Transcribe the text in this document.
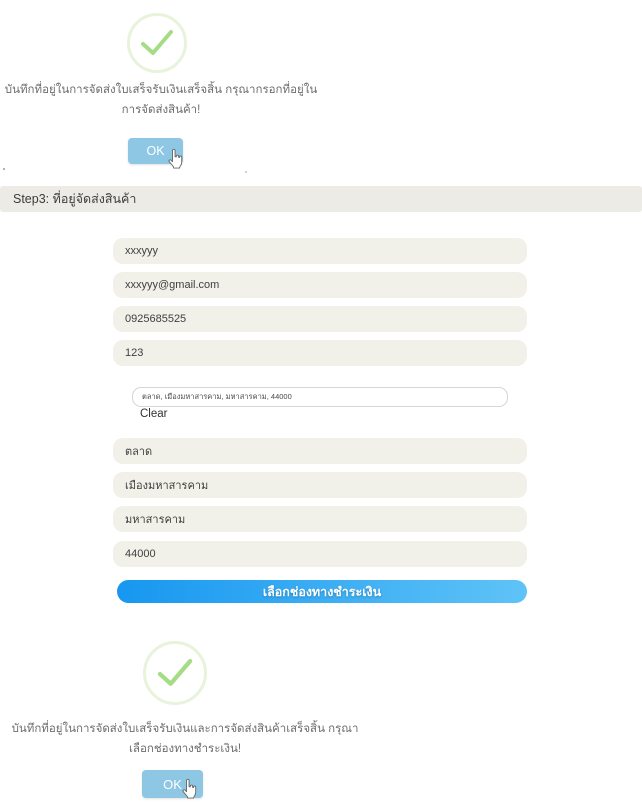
บันทึกที่อยู่ในการจัดส่งใบเสร็จรับเงินเสร็จสิ้น กรุณากรอกที่อยู่ในการจัดส่งสินค้า!

OK
Step3: ที่อยู่จัดส่งสินค้า
xxxyyy
xxxyyy@gmail.com
0925685525
123
ตลาด, เมืองมหาสารคาม, มหาสารคาม, 44000
Clear
ตลาด
เมืองมหาสารคาม
มหาสารคาม
44000
เลือกช่องทางชำระเงิน

บันทึกที่อยู่ในการจัดส่งใบเสร็จรับเงินและการจัดส่งสินค้าเสร็จสิ้น กรุณาเลือกช่องทางชำระเงิน!

OK
